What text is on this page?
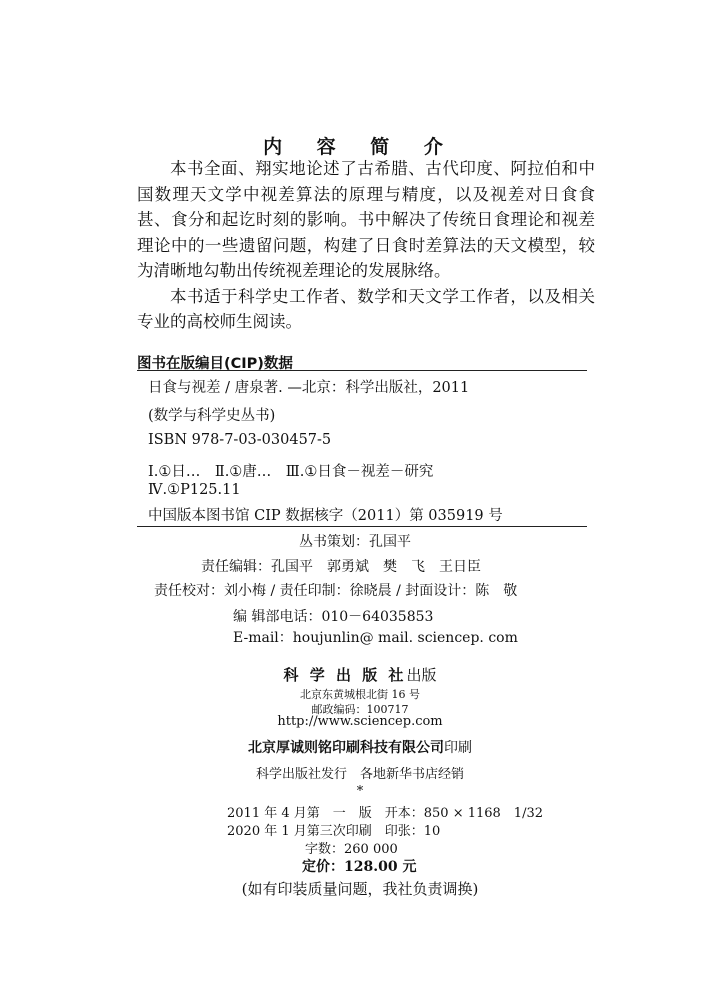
内 容 简 介

本书全面、翔实地论述了古希腊、古代印度、阿拉伯和中国数理天文学中视差算法的原理与精度，以及视差对日食食甚、食分和起讫时刻的影响。书中解决了传统日食理论和视差理论中的一些遗留问题，构建了日食时差算法的天文模型，较为清晰地勾勒出传统视差理论的发展脉络。

本书适于科学史工作者、数学和天文学工作者，以及相关专业的高校师生阅读。

图书在版编目(CIP)数据
日食与视差 / 唐泉著. —北京：科学出版社，2011
(数学与科学史丛书)
ISBN 978-7-03-030457-5
Ⅰ.①日…　Ⅱ.①唐…　Ⅲ.①日食－视差－研究
Ⅳ.①P125.11
中国版本图书馆 CIP 数据核字（2011）第 035919 号
丛书策划：孔国平
责任编辑：孔国平　郭勇斌　樊　飞　王日臣
责任校对：刘小梅 / 责任印制：徐晓晨 / 封面设计：陈　敬
编 辑部电话：010－64035853
E-mail：houjunlin@ mail. sciencep. com
科 学 出 版 社出版
北京东黄城根北街 16 号
邮政编码：100717
http://www.sciencep.com
北京厚诚则铭印刷科技有限公司印刷
科学出版社发行　各地新华书店经销
*
2011 年 4 月第　一　版　开本：850 × 1168　1/32
2020 年 1 月第三次印刷　印张：10
字数：260 000
定价：128.00 元
(如有印装质量问题，我社负责调换)
